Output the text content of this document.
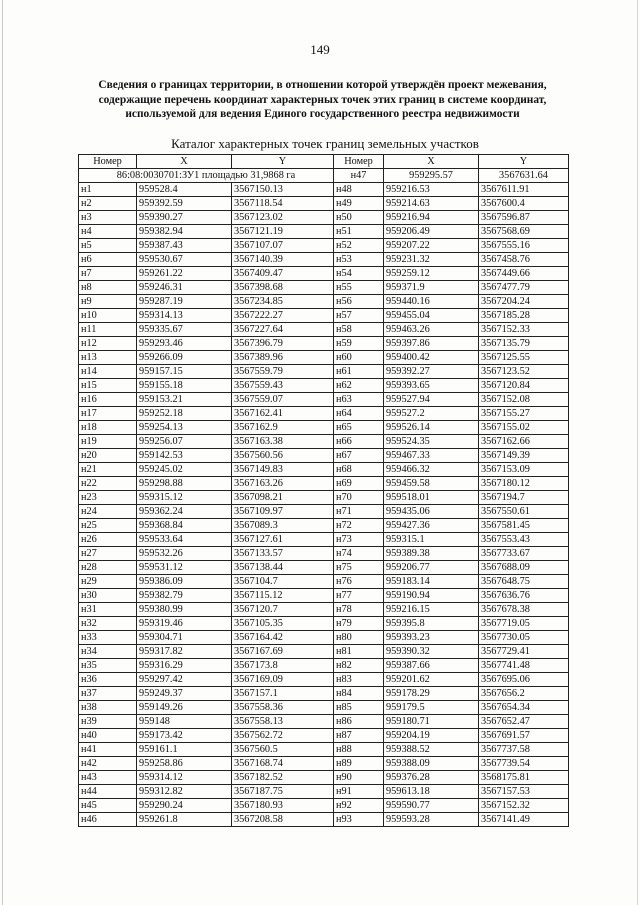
149
Сведения о границах территории, в отношении которой утверждён проект межевания, содержащие перечень координат характерных точек этих границ в системе координат, используемой для ведения Единого государственного реестра недвижимости
Каталог характерных точек границ земельных участков
Номер	X	Y	Номер	X	Y
86:08:0030701:ЗУ1 площадью 31,9868 га			н47	959295.57	3567631.64
н1	959528.4	3567150.13	н48	959216.53	3567611.91
н2	959392.59	3567118.54	н49	959214.63	3567600.4
н3	959390.27	3567123.02	н50	959216.94	3567596.87
н4	959382.94	3567121.19	н51	959206.49	3567568.69
н5	959387.43	3567107.07	н52	959207.22	3567555.16
н6	959530.67	3567140.39	н53	959231.32	3567458.76
н7	959261.22	3567409.47	н54	959259.12	3567449.66
н8	959246.31	3567398.68	н55	959371.9	3567477.79
н9	959287.19	3567234.85	н56	959440.16	3567204.24
н10	959314.13	3567222.27	н57	959455.04	3567185.28
н11	959335.67	3567227.64	н58	959463.26	3567152.33
н12	959293.46	3567396.79	н59	959397.86	3567135.79
н13	959266.09	3567389.96	н60	959400.42	3567125.55
н14	959157.15	3567559.79	н61	959392.27	3567123.52
н15	959155.18	3567559.43	н62	959393.65	3567120.84
н16	959153.21	3567559.07	н63	959527.94	3567152.08
н17	959252.18	3567162.41	н64	959527.2	3567155.27
н18	959254.13	3567162.9	н65	959526.14	3567155.02
н19	959256.07	3567163.38	н66	959524.35	3567162.66
н20	959142.53	3567560.56	н67	959467.33	3567149.39
н21	959245.02	3567149.83	н68	959466.32	3567153.09
н22	959298.88	3567163.26	н69	959459.58	3567180.12
н23	959315.12	3567098.21	н70	959518.01	3567194.7
н24	959362.24	3567109.97	н71	959435.06	3567550.61
н25	959368.84	3567089.3	н72	959427.36	3567581.45
н26	959533.64	3567127.61	н73	959315.1	3567553.43
н27	959532.26	3567133.57	н74	959389.38	3567733.67
н28	959531.12	3567138.44	н75	959206.77	3567688.09
н29	959386.09	3567104.7	н76	959183.14	3567648.75
н30	959382.79	3567115.12	н77	959190.94	3567636.76
н31	959380.99	3567120.7	н78	959216.15	3567678.38
н32	959319.46	3567105.35	н79	959395.8	3567719.05
н33	959304.71	3567164.42	н80	959393.23	3567730.05
н34	959317.82	3567167.69	н81	959390.32	3567729.41
н35	959316.29	3567173.8	н82	959387.66	3567741.48
н36	959297.42	3567169.09	н83	959201.62	3567695.06
н37	959249.37	3567157.1	н84	959178.29	3567656.2
н38	959149.26	3567558.36	н85	959179.5	3567654.34
н39	959148	3567558.13	н86	959180.71	3567652.47
н40	959173.42	3567562.72	н87	959204.19	3567691.57
н41	959161.1	3567560.5	н88	959388.52	3567737.58
н42	959258.86	3567168.74	н89	959388.09	3567739.54
н43	959314.12	3567182.52	н90	959376.28	3568175.81
н44	959312.82	3567187.75	н91	959613.18	3567157.53
н45	959290.24	3567180.93	н92	959590.77	3567152.32
н46	959261.8	3567208.58	н93	959593.28	3567141.49
